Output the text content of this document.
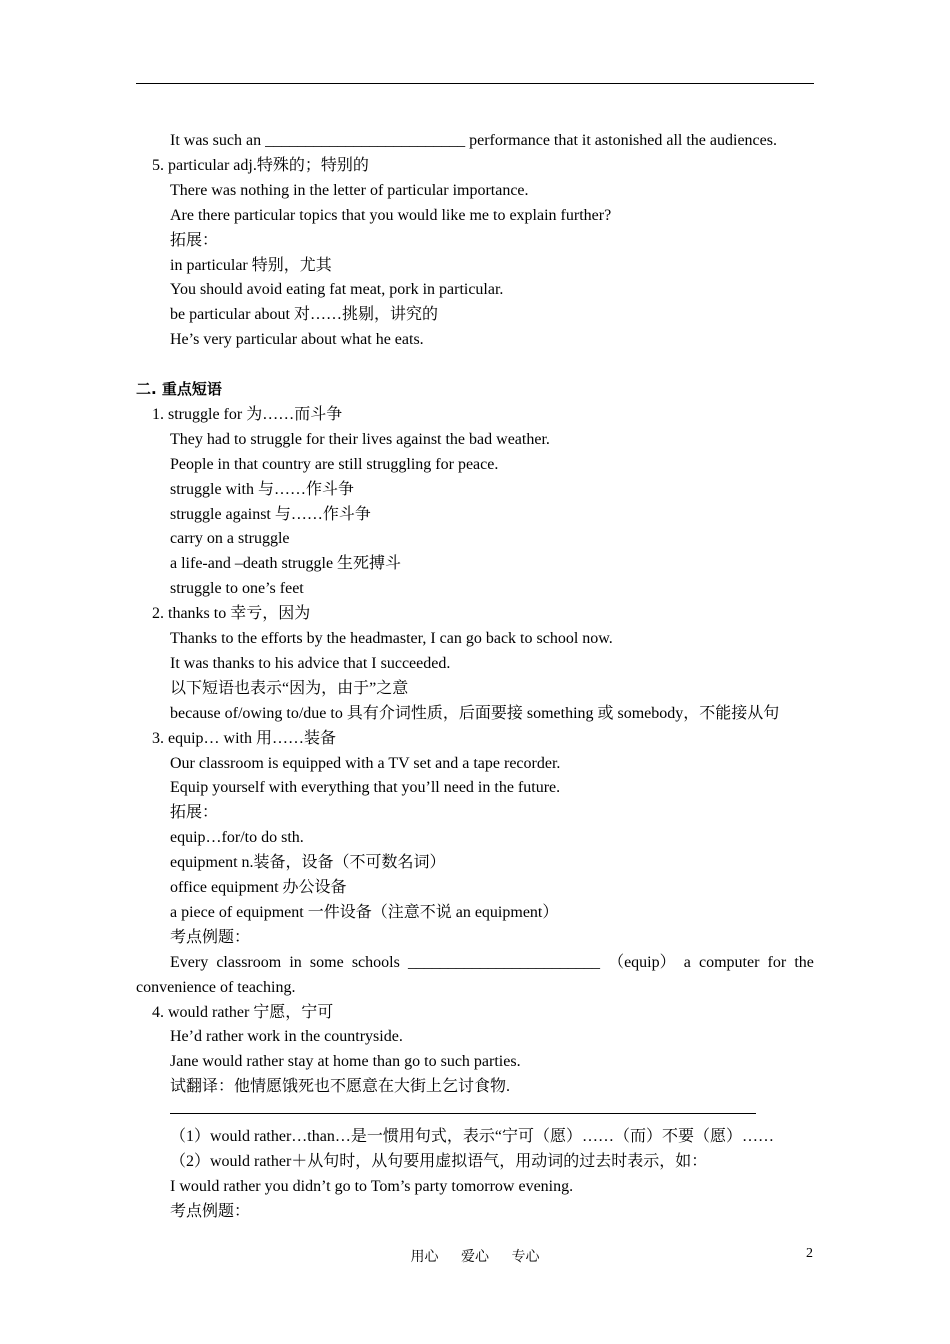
It was such an _________________________ performance that it astonished all the audiences.
5. particular adj.特殊的；特别的
There was nothing in the letter of particular importance.
Are there particular topics that you would like me to explain further?
拓展：
in particular 特别，尤其
You should avoid eating fat meat, pork in particular.
be particular about 对……挑剔，讲究的
He’s very particular about what he eats.
二. 重点短语
1. struggle for 为……而斗争
They had to struggle for their lives against the bad weather.
People in that country are still struggling for peace.
struggle with 与……作斗争
struggle against 与……作斗争
carry on a struggle
a life-and –death struggle 生死搏斗
struggle to one’s feet
2. thanks to 幸亏，因为
Thanks to the efforts by the headmaster, I can go back to school now.
It was thanks to his advice that I succeeded.
以下短语也表示“因为，由于”之意
because of/owing to/due to 具有介词性质，后面要接 something 或 somebody，不能接从句
3. equip… with 用……装备
Our classroom is equipped with a TV set and a tape recorder.
Equip yourself with everything that you’ll need in the future.
拓展：
equip…for/to do sth.
equipment n.装备，设备（不可数名词）
office equipment 办公设备
a piece of equipment 一件设备（注意不说 an equipment）
考点例题：
Every classroom in some schools ________________________ （equip） a computer for the
convenience of teaching.
4. would rather 宁愿，宁可
He’d rather work in the countryside.
Jane would rather stay at home than go to such parties.
试翻译：他情愿饿死也不愿意在大街上乞讨食物.
（1）would rather…than…是一惯用句式，表示“宁可（愿）……（而）不要（愿）……
（2）would rather＋从句时，从句要用虚拟语气，用动词的过去时表示，如：
I would rather you didn’t go to Tom’s party tomorrow evening.
考点例题：
用心 爱心 专心	2
